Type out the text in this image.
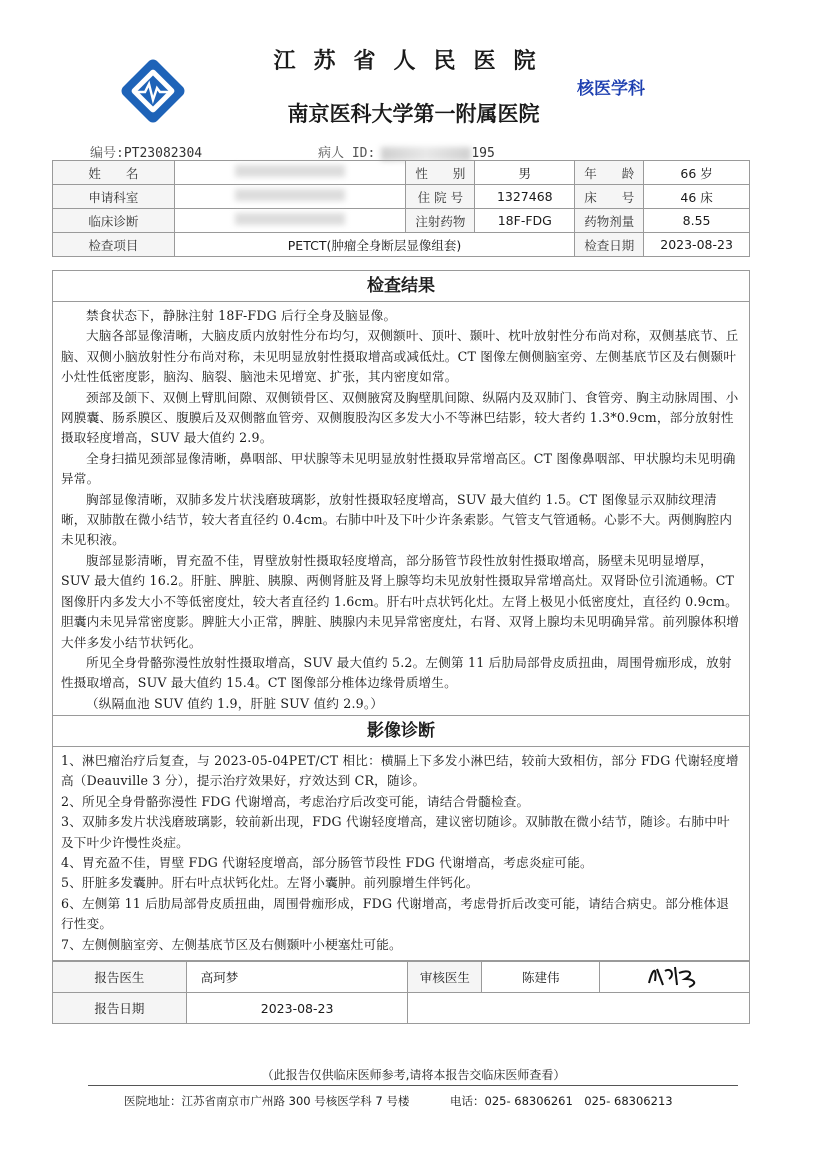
江苏省人民医院
核医学科
南京医科大学第一附属医院
编号:PT23082304	病人 ID:	195
姓　　名		性　　别	男	年　　龄	66 岁
申请科室		住 院 号	1327468	床　　号	46 床
临床诊断		注射药物	18F-FDG	药物剂量	8.55
检查项目	PETCT(肿瘤全身断层显像组套)			检查日期	2023-08-23
检查结果

禁食状态下，静脉注射 18F-FDG 后行全身及脑显像。

大脑各部显像清晰，大脑皮质内放射性分布均匀，双侧额叶、顶叶、颞叶、枕叶放射性分布尚对称，双侧基底节、丘脑、双侧小脑放射性分布尚对称，未见明显放射性摄取增高或减低灶。CT 图像左侧侧脑室旁、左侧基底节区及右侧颞叶小灶性低密度影，脑沟、脑裂、脑池未见增宽、扩张，其内密度如常。

颈部及颌下、双侧上臂肌间隙、双侧锁骨区、双侧腋窝及胸壁肌间隙、纵隔内及双肺门、食管旁、胸主动脉周围、小网膜囊、肠系膜区、腹膜后及双侧髂血管旁、双侧腹股沟区多发大小不等淋巴结影，较大者约 1.3*0.9cm，部分放射性摄取轻度增高，SUV 最大值约 2.9。

全身扫描见颈部显像清晰，鼻咽部、甲状腺等未见明显放射性摄取异常增高区。CT 图像鼻咽部、甲状腺均未见明确异常。

胸部显像清晰，双肺多发片状浅磨玻璃影，放射性摄取轻度增高，SUV 最大值约 1.5。CT 图像显示双肺纹理清晰，双肺散在微小结节，较大者直径约 0.4cm。右肺中叶及下叶少许条索影。气管支气管通畅。心影不大。两侧胸腔内未见积液。

腹部显影清晰，胃充盈不佳，胃壁放射性摄取轻度增高，部分肠管节段性放射性摄取增高，肠壁未见明显增厚，SUV 最大值约 16.2。肝脏、脾脏、胰腺、两侧肾脏及肾上腺等均未见放射性摄取异常增高灶。双肾卧位引流通畅。CT 图像肝内多发大小不等低密度灶，较大者直径约 1.6cm。肝右叶点状钙化灶。左肾上极见小低密度灶，直径约 0.9cm。胆囊内未见异常密度影。脾脏大小正常，脾脏、胰腺内未见异常密度灶，右肾、双肾上腺均未见明确异常。前列腺体积增大伴多发小结节状钙化。

所见全身骨骼弥漫性放射性摄取增高，SUV 最大值约 5.2。左侧第 11 后肋局部骨皮质扭曲，周围骨痂形成，放射性摄取增高，SUV 最大值约 15.4。CT 图像部分椎体边缘骨质增生。

（纵隔血池 SUV 值约 1.9，肝脏 SUV 值约 2.9。）

影像诊断

1、淋巴瘤治疗后复查，与 2023-05-04PET/CT 相比：横膈上下多发小淋巴结，较前大致相仿，部分 FDG 代谢轻度增高（Deauville 3 分），提示治疗效果好，疗效达到 CR，随诊。

2、所见全身骨骼弥漫性 FDG 代谢增高，考虑治疗后改变可能，请结合骨髓检查。

3、双肺多发片状浅磨玻璃影，较前新出现，FDG 代谢轻度增高，建议密切随诊。双肺散在微小结节，随诊。右肺中叶及下叶少许慢性炎症。

4、胃充盈不佳，胃壁 FDG 代谢轻度增高，部分肠管节段性 FDG 代谢增高，考虑炎症可能。

5、肝脏多发囊肿。肝右叶点状钙化灶。左肾小囊肿。前列腺增生伴钙化。

6、左侧第 11 后肋局部骨皮质扭曲，周围骨痂形成，FDG 代谢增高，考虑骨折后改变可能，请结合病史。部分椎体退行性变。

7、左侧侧脑室旁、左侧基底节区及右侧颞叶小梗塞灶可能。

报告医生	高珂梦	审核医生	陈建伟	
报告日期	2023-08-23			
（此报告仅供临床医师参考,请将本报告交临床医师查看）
医院地址：江苏省南京市广州路 300 号核医学科 7 号楼	电话：025- 68306261　025- 68306213
